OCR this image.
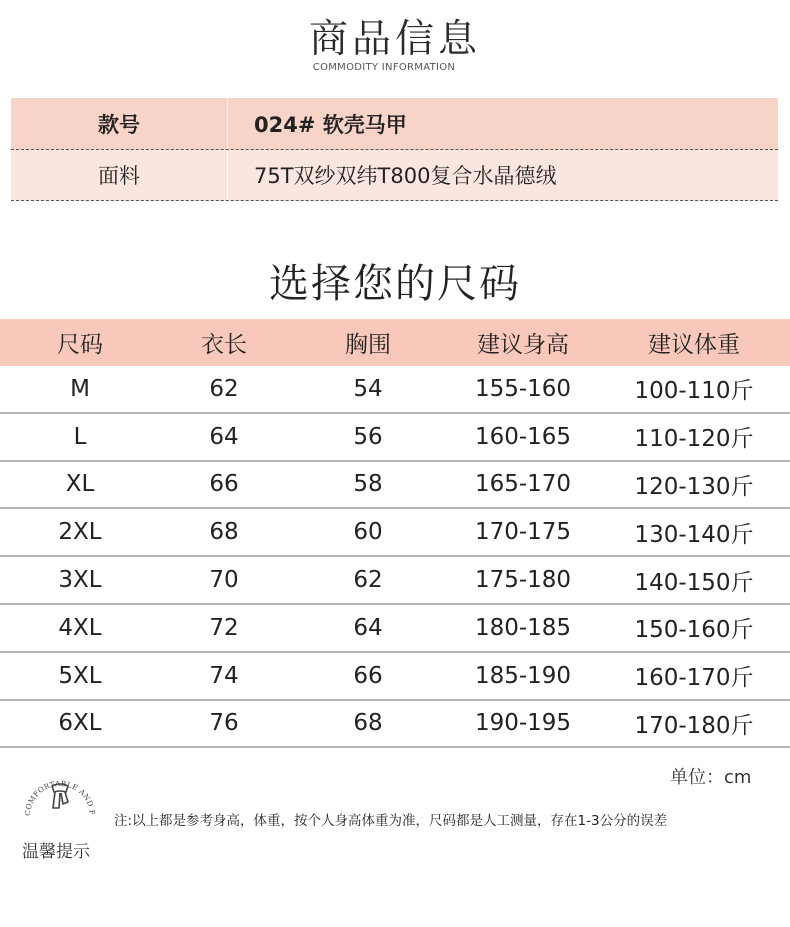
商品信息
COMMODITY INFORMATION
款号	024# 软壳马甲
面料	75T双纱双纬T800复合水晶德绒
选择您的尺码
尺码	衣长	胸围	建议身高	建议体重
M	62	54	155-160	100-110斤
L	64	56	160-165	110-120斤
XL	66	58	165-170	120-130斤
2XL	68	60	170-175	130-140斤
3XL	70	62	175-180	140-150斤
4XL	72	64	180-185	150-160斤
5XL	74	66	185-190	160-170斤
6XL	76	68	190-195	170-180斤
COMFORTABLE AND F
温馨提示
单位：cm
注:以上都是参考身高，体重，按个人身高体重为准，尺码都是人工测量，存在1-3公分的误差
